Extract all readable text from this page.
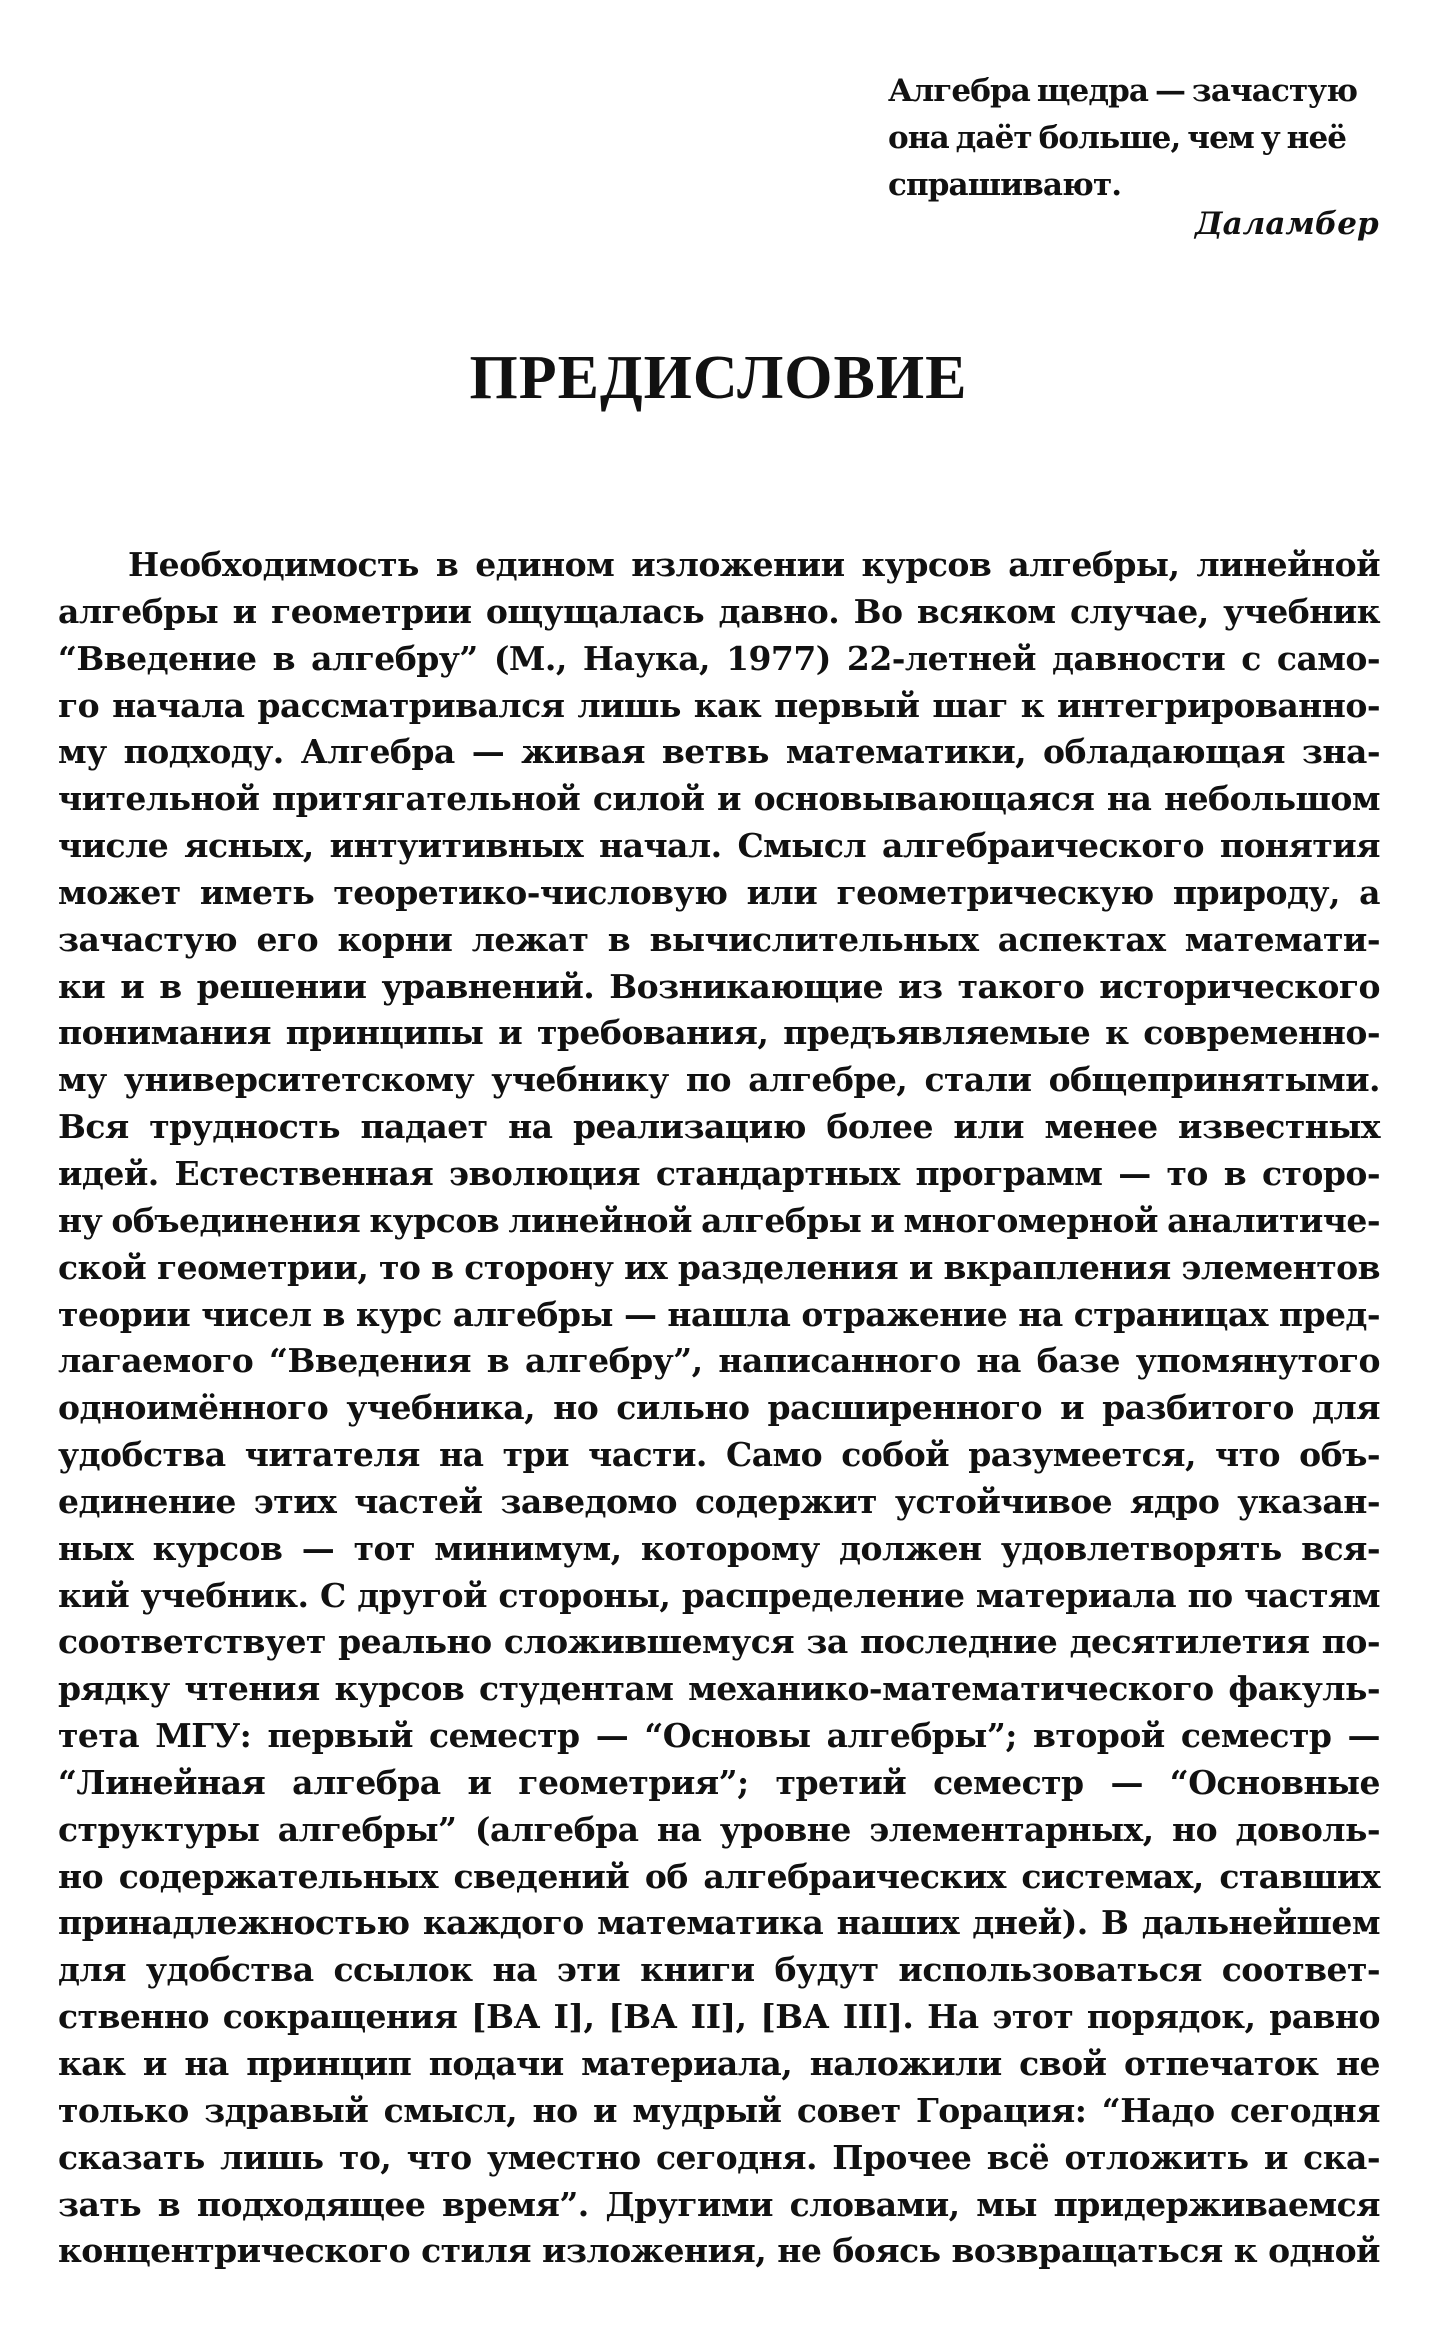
Алгебра щедра — зачастую
она даёт больше, чем у неё
спрашивают.
Даламбер
ПРЕДИСЛОВИЕ
Необходимость в едином изложении курсов алгебры, линейной
алгебры и геометрии ощущалась давно. Во всяком случае, учебник
“Введение в алгебру” (М., Наука, 1977) 22-летней давности с само-
го начала рассматривался лишь как первый шаг к интегрированно-
му подходу. Алгебра — живая ветвь математики, обладающая зна-
чительной притягательной силой и основывающаяся на небольшом
числе ясных, интуитивных начал. Смысл алгебраического понятия
может иметь теоретико-числовую или геометрическую природу, а
зачастую его корни лежат в вычислительных аспектах математи-
ки и в решении уравнений. Возникающие из такого исторического
понимания принципы и требования, предъявляемые к современно-
му университетскому учебнику по алгебре, стали общепринятыми.
Вся трудность падает на реализацию более или менее известных
идей. Естественная эволюция стандартных программ — то в сторо-
ну объединения курсов линейной алгебры и многомерной аналитиче-
ской геометрии, то в сторону их разделения и вкрапления элементов
теории чисел в курс алгебры — нашла отражение на страницах пред-
лагаемого “Введения в алгебру”, написанного на базе упомянутого
одноимённого учебника, но сильно расширенного и разбитого для
удобства читателя на три части. Само собой разумеется, что объ-
единение этих частей заведомо содержит устойчивое ядро указан-
ных курсов — тот минимум, которому должен удовлетворять вся-
кий учебник. С другой стороны, распределение материала по частям
соответствует реально сложившемуся за последние десятилетия по-
рядку чтения курсов студентам механико-математического факуль-
тета МГУ: первый семестр — “Основы алгебры”; второй семестр —
“Линейная алгебра и геометрия”; третий семестр — “Основные
структуры алгебры” (алгебра на уровне элементарных, но доволь-
но содержательных сведений об алгебраических системах, ставших
принадлежностью каждого математика наших дней). В дальнейшем
для удобства ссылок на эти книги будут использоваться соответ-
ственно сокращения [ВА I], [ВА II], [ВА III]. На этот порядок, равно
как и на принцип подачи материала, наложили свой отпечаток не
только здравый смысл, но и мудрый совет Горация: “Надо сегодня
сказать лишь то, что уместно сегодня. Прочее всё отложить и ска-
зать в подходящее время”. Другими словами, мы придерживаемся
концентрического стиля изложения, не боясь возвращаться к одной
